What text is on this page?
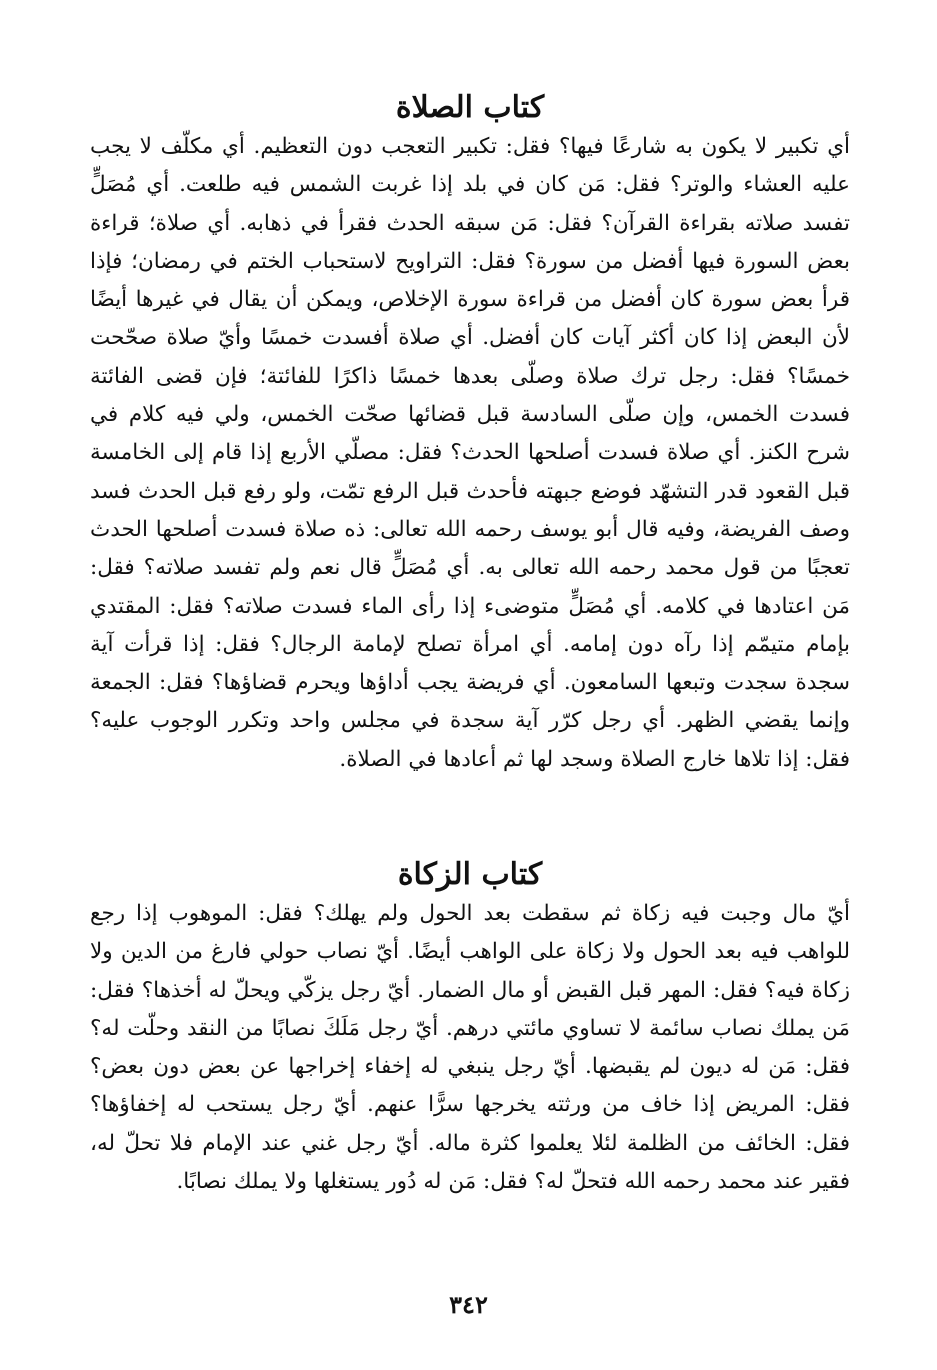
كتاب الصلاة

أي تكبير لا يكون به شارعًا فيها؟ فقل: تكبير التعجب دون التعظيم. أي مكلّف لا يجب عليه العشاء والوتر؟ فقل: مَن كان في بلد إذا غربت الشمس فيه طلعت. أي مُصَلٍّ تفسد صلاته بقراءة القرآن؟ فقل: مَن سبقه الحدث فقرأ في ذهابه. أي صلاة؛ قراءة بعض السورة فيها أفضل من سورة؟ فقل: التراويح لاستحباب الختم في رمضان؛ فإذا قرأ بعض سورة كان أفضل من قراءة سورة الإخلاص، ويمكن أن يقال في غيرها أيضًا لأن البعض إذا كان أكثر آيات كان أفضل. أي صلاة أفسدت خمسًا وأيّ صلاة صحّحت خمسًا؟ فقل: رجل ترك صلاة وصلّى بعدها خمسًا ذاكرًا للفائتة؛ فإن قضى الفائتة فسدت الخمس، وإن صلّى السادسة قبل قضائها صحّت الخمس، ولي فيه كلام في شرح الكنز. أي صلاة فسدت أصلحها الحدث؟ فقل: مصلّي الأربع إذا قام إلى الخامسة قبل القعود قدر التشهّد فوضع جبهته فأحدث قبل الرفع تمّت، ولو رفع قبل الحدث فسد وصف الفريضة، وفيه قال أبو يوسف رحمه الله تعالى: ذه صلاة فسدت أصلحها الحدث تعجبًا من قول محمد رحمه الله تعالى به. أي مُصَلٍّ قال نعم ولم تفسد صلاته؟ فقل: مَن اعتادها في كلامه. أي مُصَلٍّ متوضىء إذا رأى الماء فسدت صلاته؟ فقل: المقتدي بإمام متيمّم إذا رآه دون إمامه. أي امرأة تصلح لإمامة الرجال؟ فقل: إذا قرأت آية سجدة سجدت وتبعها السامعون. أي فريضة يجب أداؤها ويحرم قضاؤها؟ فقل: الجمعة وإنما يقضي الظهر. أي رجل كرّر آية سجدة في مجلس واحد وتكرر الوجوب عليه؟ فقل: إذا تلاها خارج الصلاة وسجد لها ثم أعادها في الصلاة.

كتاب الزكاة

أيّ مال وجبت فيه زكاة ثم سقطت بعد الحول ولم يهلك؟ فقل: الموهوب إذا رجع للواهب فيه بعد الحول ولا زكاة على الواهب أيضًا. أيّ نصاب حولي فارغ من الدين ولا زكاة فيه؟ فقل: المهر قبل القبض أو مال الضمار. أيّ رجل يزكّي ويحلّ له أخذها؟ فقل: مَن يملك نصاب سائمة لا تساوي مائتي درهم. أيّ رجل مَلَكَ نصابًا من النقد وحلّت له؟ فقل: مَن له ديون لم يقبضها. أيّ رجل ينبغي له إخفاء إخراجها عن بعض دون بعض؟ فقل: المريض إذا خاف من ورثته يخرجها سرًّا عنهم. أيّ رجل يستحب له إخفاؤها؟ فقل: الخائف من الظلمة لئلا يعلموا كثرة ماله. أيّ رجل غني عند الإمام فلا تحلّ له، فقير عند محمد رحمه الله فتحلّ له؟ فقل: مَن له دُور يستغلها ولا يملك نصابًا.

٣٤٢
